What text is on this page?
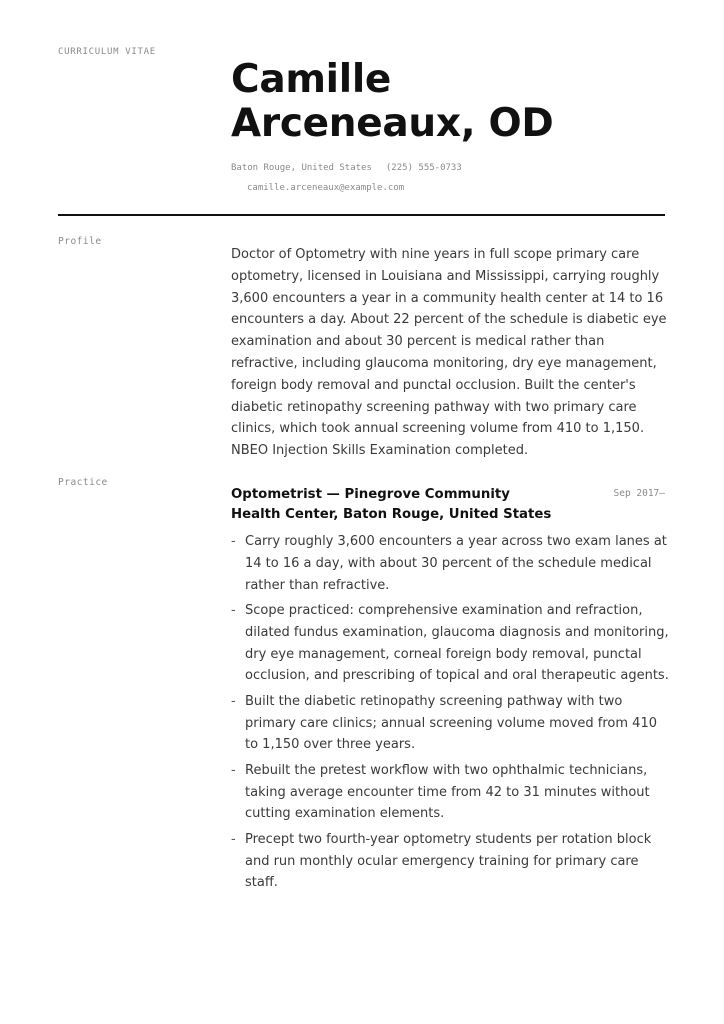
CURRICULUM VITAE
Camille
Arceneaux, OD
Baton Rouge, United States (225) 555-0733
camille.arceneaux@example.com
Profile

Doctor of Optometry with nine years in full scope primary care optometry, licensed in Louisiana and Mississippi, carrying roughly 3,600 encounters a year in a community health center at 14 to 16 encounters a day. About 22 percent of the schedule is diabetic eye examination and about 30 percent is medical rather than refractive, including glaucoma monitoring, dry eye management, foreign body removal and punctal occlusion. Built the center's diabetic retinopathy screening pathway with two primary care clinics, which took annual screening volume from 410 to 1,150. NBEO Injection Skills Examination completed.

Practice
Optometrist — Pinegrove Community Health Center, Baton Rouge, United States
Sep 2017–
- Carry roughly 3,600 encounters a year across two exam lanes at 14 to 16 a day, with about 30 percent of the schedule medical rather than refractive.
- Scope practiced: comprehensive examination and refraction, dilated fundus examination, glaucoma diagnosis and monitoring, dry eye management, corneal foreign body removal, punctal occlusion, and prescribing of topical and oral therapeutic agents.
- Built the diabetic retinopathy screening pathway with two primary care clinics; annual screening volume moved from 410 to 1,150 over three years.
- Rebuilt the pretest workflow with two ophthalmic technicians, taking average encounter time from 42 to 31 minutes without cutting examination elements.
- Precept two fourth-year optometry students per rotation block and run monthly ocular emergency training for primary care staff.
